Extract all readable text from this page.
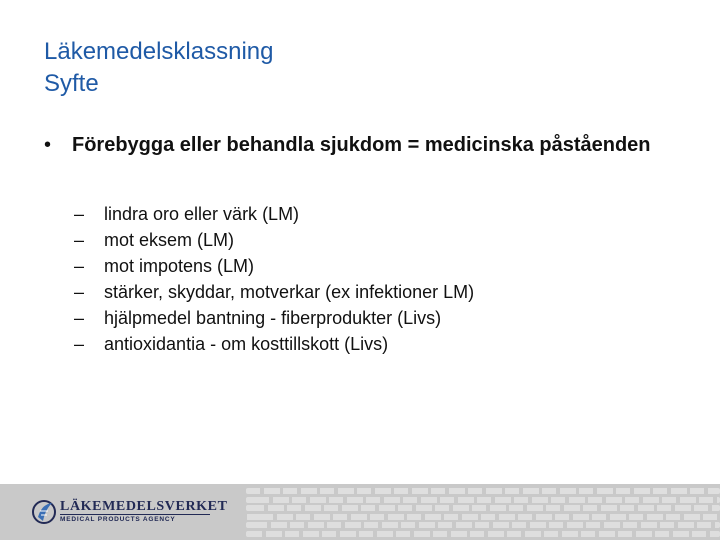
Läkemedelsklassning
Syfte
• Förebygga eller behandla sjukdom = medicinska påståenden
– lindra oro eller värk (LM)
– mot eksem (LM)
– mot impotens (LM)
– stärker, skyddar, motverkar (ex infektioner LM)
– hjälpmedel bantning - fiberprodukter (Livs)
– antioxidantia - om kosttillskott (Livs)
LÄKEMEDELSVERKET
MEDICAL PRODUCTS AGENCY
